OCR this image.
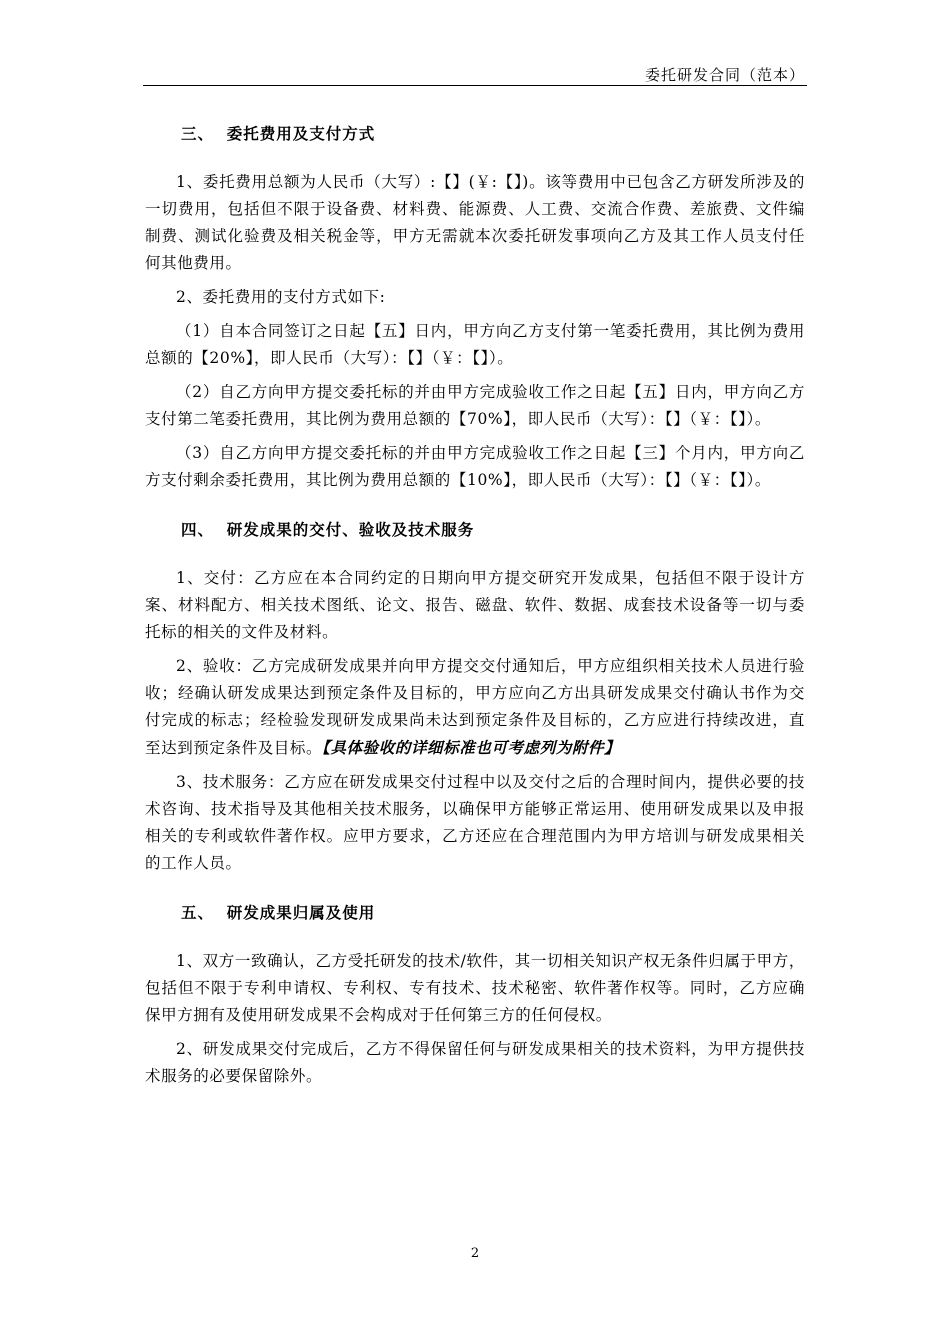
委托研发合同（范本）
三、  委托费用及支付方式

1、委托费用总额为人民币（大写）:【】(￥:【】)。该等费用中已包含乙方研发所涉及的一切费用，包括但不限于设备费、材料费、能源费、人工费、交流合作费、差旅费、文件编制费、测试化验费及相关税金等，甲方无需就本次委托研发事项向乙方及其工作人员支付任何其他费用。

2、委托费用的支付方式如下:

（1）自本合同签订之日起【五】日内，甲方向乙方支付第一笔委托费用，其比例为费用总额的【20%】，即人民币（大写）：【】（￥：【】）。

（2）自乙方向甲方提交委托标的并由甲方完成验收工作之日起【五】日内，甲方向乙方支付第二笔委托费用，其比例为费用总额的【70%】，即人民币（大写）：【】（￥：【】）。

（3）自乙方向甲方提交委托标的并由甲方完成验收工作之日起【三】个月内，甲方向乙方支付剩余委托费用，其比例为费用总额的【10%】，即人民币（大写）：【】（￥：【】）。

四、  研发成果的交付、验收及技术服务

1、交付：乙方应在本合同约定的日期向甲方提交研究开发成果，包括但不限于设计方案、材料配方、相关技术图纸、论文、报告、磁盘、软件、数据、成套技术设备等一切与委托标的相关的文件及材料。

2、验收：乙方完成研发成果并向甲方提交交付通知后，甲方应组织相关技术人员进行验收；经确认研发成果达到预定条件及目标的，甲方应向乙方出具研发成果交付确认书作为交付完成的标志；经检验发现研发成果尚未达到预定条件及目标的，乙方应进行持续改进，直至达到预定条件及目标。【具体验收的详细标准也可考虑列为附件】

3、技术服务：乙方应在研发成果交付过程中以及交付之后的合理时间内，提供必要的技术咨询、技术指导及其他相关技术服务，以确保甲方能够正常运用、使用研发成果以及申报相关的专利或软件著作权。应甲方要求，乙方还应在合理范围内为甲方培训与研发成果相关的工作人员。

五、  研发成果归属及使用

1、双方一致确认，乙方受托研发的技术/软件，其一切相关知识产权无条件归属于甲方，包括但不限于专利申请权、专利权、专有技术、技术秘密、软件著作权等。同时，乙方应确保甲方拥有及使用研发成果不会构成对于任何第三方的任何侵权。

2、研发成果交付完成后，乙方不得保留任何与研发成果相关的技术资料，为甲方提供技术服务的必要保留除外。

2
